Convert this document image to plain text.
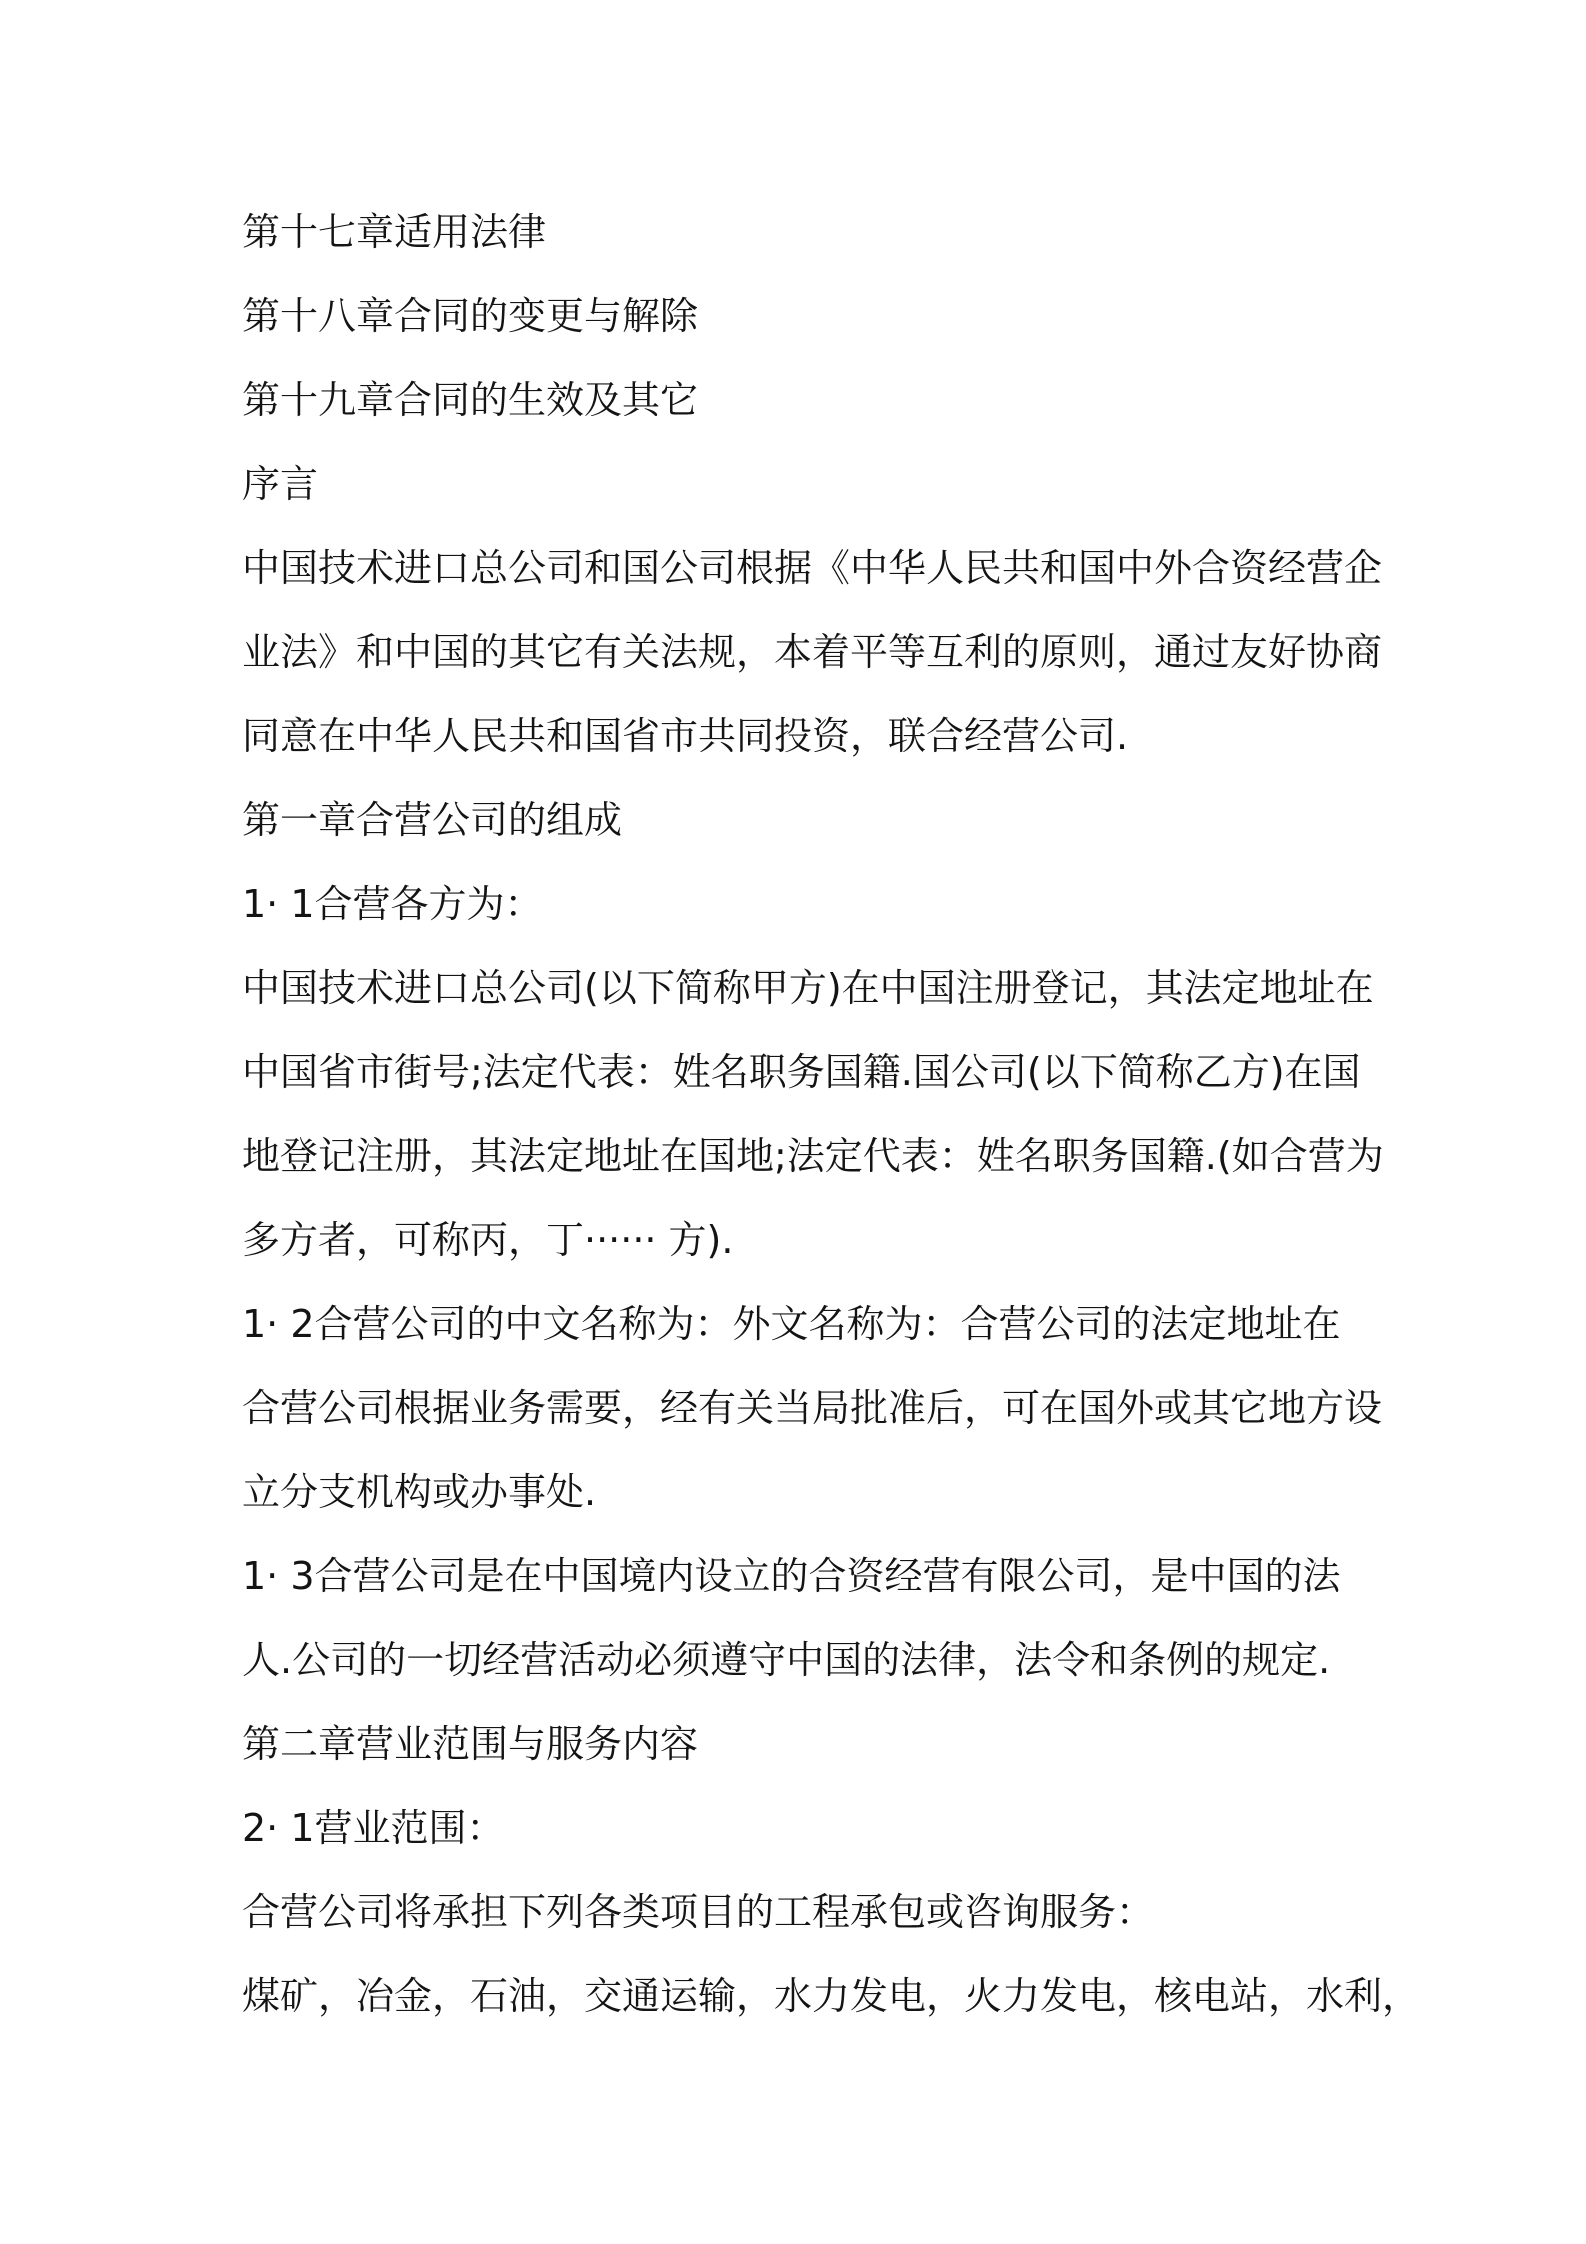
第十七章适用法律

第十八章合同的变更与解除

第十九章合同的生效及其它

序言

中国技术进口总公司和国公司根据《中华人民共和国中外合资经营企

业法》和中国的其它有关法规，本着平等互利的原则，通过友好协商

同意在中华人民共和国省市共同投资，联合经营公司.

第一章合营公司的组成

1· 1合营各方为：

中国技术进口总公司(以下简称甲方)在中国注册登记，其法定地址在

中国省市街号;法定代表：姓名职务国籍.国公司(以下简称乙方)在国

地登记注册，其法定地址在国地;法定代表：姓名职务国籍.(如合营为

多方者，可称丙，丁······ 方).

1· 2合营公司的中文名称为：外文名称为：合营公司的法定地址在

合营公司根据业务需要，经有关当局批准后，可在国外或其它地方设

立分支机构或办事处.

1· 3合营公司是在中国境内设立的合资经营有限公司，是中国的法

人.公司的一切经营活动必须遵守中国的法律，法令和条例的规定.

第二章营业范围与服务内容

2· 1营业范围：

合营公司将承担下列各类项目的工程承包或咨询服务：

煤矿，冶金，石油，交通运输，水力发电，火力发电，核电站，水利，
